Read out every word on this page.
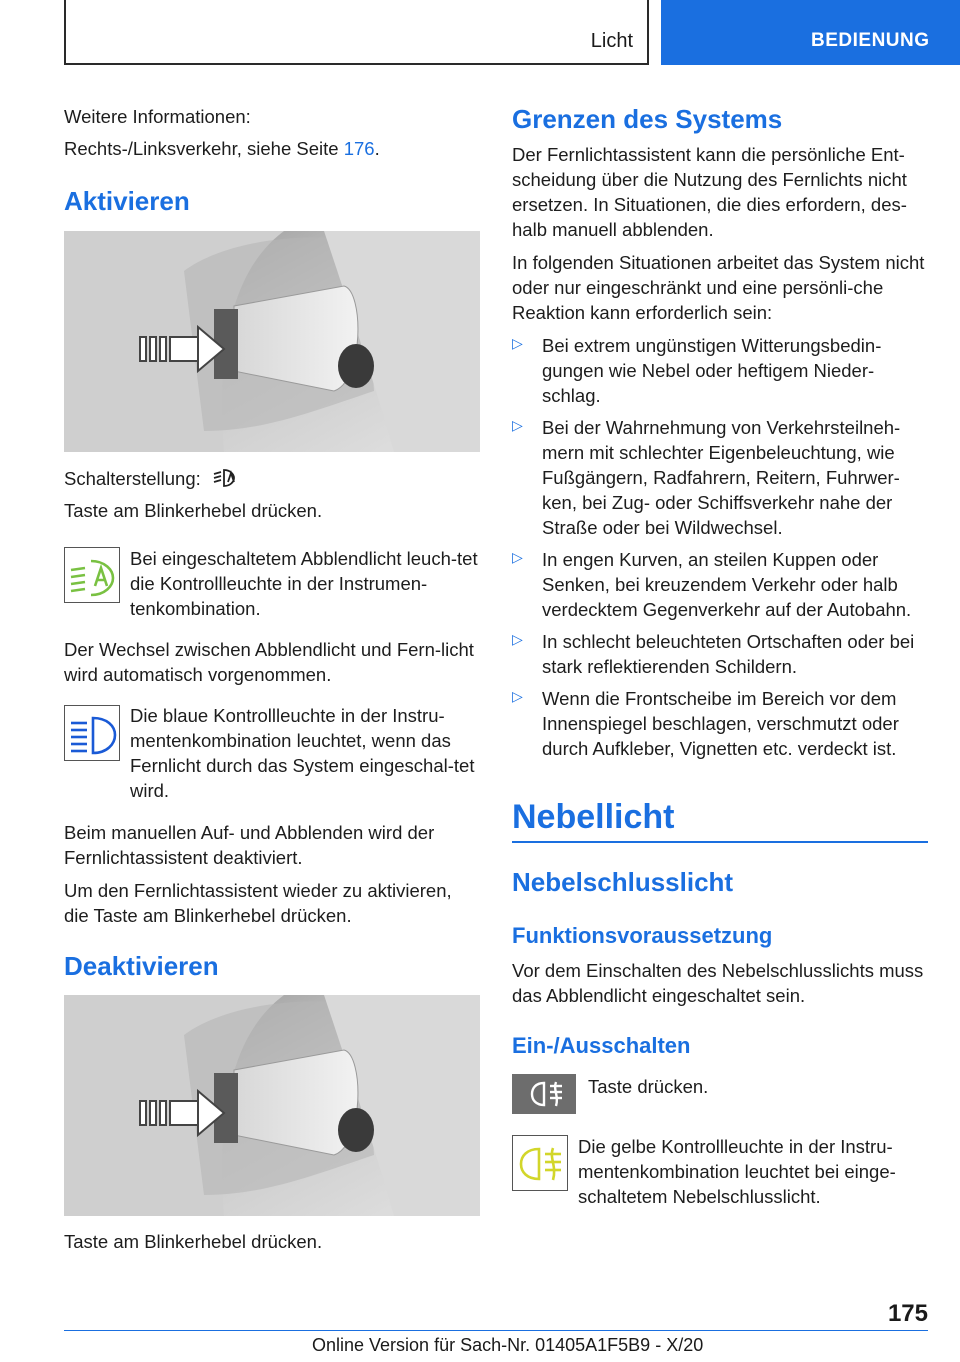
Licht	BEDIENUNG

Weitere Informationen:

Rechts-/Linksverkehr, siehe Seite 176.

Aktivieren

Schalterstellung:

Taste am Blinkerhebel drücken.

Bei eingeschaltetem Abblendlicht leuch-tet die Kontrollleuchte in der Instrumen-tenkombination.

Der Wechsel zwischen Abblendlicht und Fern-licht wird automatisch vorgenommen.

Die blaue Kontrollleuchte in der Instru-mentenkombination leuchtet, wenn das Fernlicht durch das System eingeschal-tet wird.

Beim manuellen Auf- und Abblenden wird der Fernlichtassistent deaktiviert.

Um den Fernlichtassistent wieder zu aktivieren, die Taste am Blinkerhebel drücken.

Deaktivieren

Taste am Blinkerhebel drücken.

Grenzen des Systems

Der Fernlichtassistent kann die persönliche Ent-scheidung über die Nutzung des Fernlichts nicht ersetzen. In Situationen, die dies erfordern, des-halb manuell abblenden.

In folgenden Situationen arbeitet das System nicht oder nur eingeschränkt und eine persönli-che Reaktion kann erforderlich sein:

▷ Bei extrem ungünstigen Witterungsbedin-gungen wie Nebel oder heftigem Nieder-schlag.
▷ Bei der Wahrnehmung von Verkehrsteilneh-mern mit schlechter Eigenbeleuchtung, wie Fußgängern, Radfahrern, Reitern, Fuhrwer-ken, bei Zug- oder Schiffsverkehr nahe der Straße oder bei Wildwechsel.
▷ In engen Kurven, an steilen Kuppen oder Senken, bei kreuzendem Verkehr oder halb verdecktem Gegenverkehr auf der Autobahn.
▷ In schlecht beleuchteten Ortschaften oder bei stark reflektierenden Schildern.
▷ Wenn die Frontscheibe im Bereich vor dem Innenspiegel beschlagen, verschmutzt oder durch Aufkleber, Vignetten etc. verdeckt ist.
Nebellicht
Nebelschlusslicht
Funktionsvoraussetzung

Vor dem Einschalten des Nebelschlusslichts muss das Abblendlicht eingeschaltet sein.

Ein-/Ausschalten

Taste drücken.

Die gelbe Kontrollleuchte in der Instru-mentenkombination leuchtet bei einge-schaltetem Nebelschlusslicht.

175
Online Version für Sach-Nr. 01405A1F5B9 - X/20
